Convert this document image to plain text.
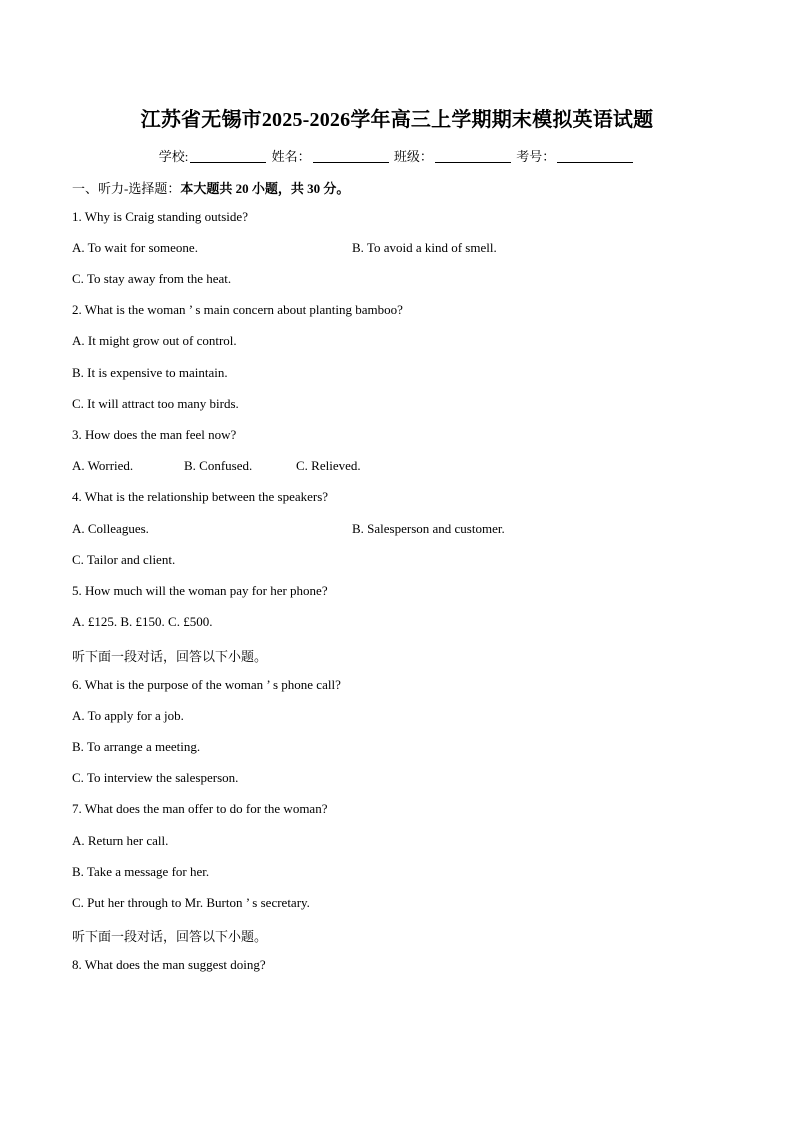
江苏省无锡市2025-2026学年高三上学期期末模拟英语试题
学校:	姓名：	班级：	考号：
一、听力-选择题：本大题共 20 小题，共 30 分。
1. Why is Craig standing outside?
A. To wait for someone.	B. To avoid a kind of smell.
C. To stay away from the heat.
2. What is the woman ’ s main concern about planting bamboo?
A. It might grow out of control.
B. It is expensive to maintain.
C. It will attract too many birds.
3. How does the man feel now?
A. Worried.	B. Confused.	C. Relieved.
4. What is the relationship between the speakers?
A. Colleagues.	B. Salesperson and customer.
C. Tailor and client.
5. How much will the woman pay for her phone?
A. £125. B. £150. C. £500.
听下面一段对话，回答以下小题。
6. What is the purpose of the woman ’ s phone call?
A. To apply for a job.
B. To arrange a meeting.
C. To interview the salesperson.
7. What does the man offer to do for the woman?
A. Return her call.
B. Take a message for her.
C. Put her through to Mr. Burton ’ s secretary.
听下面一段对话，回答以下小题。
8. What does the man suggest doing?
